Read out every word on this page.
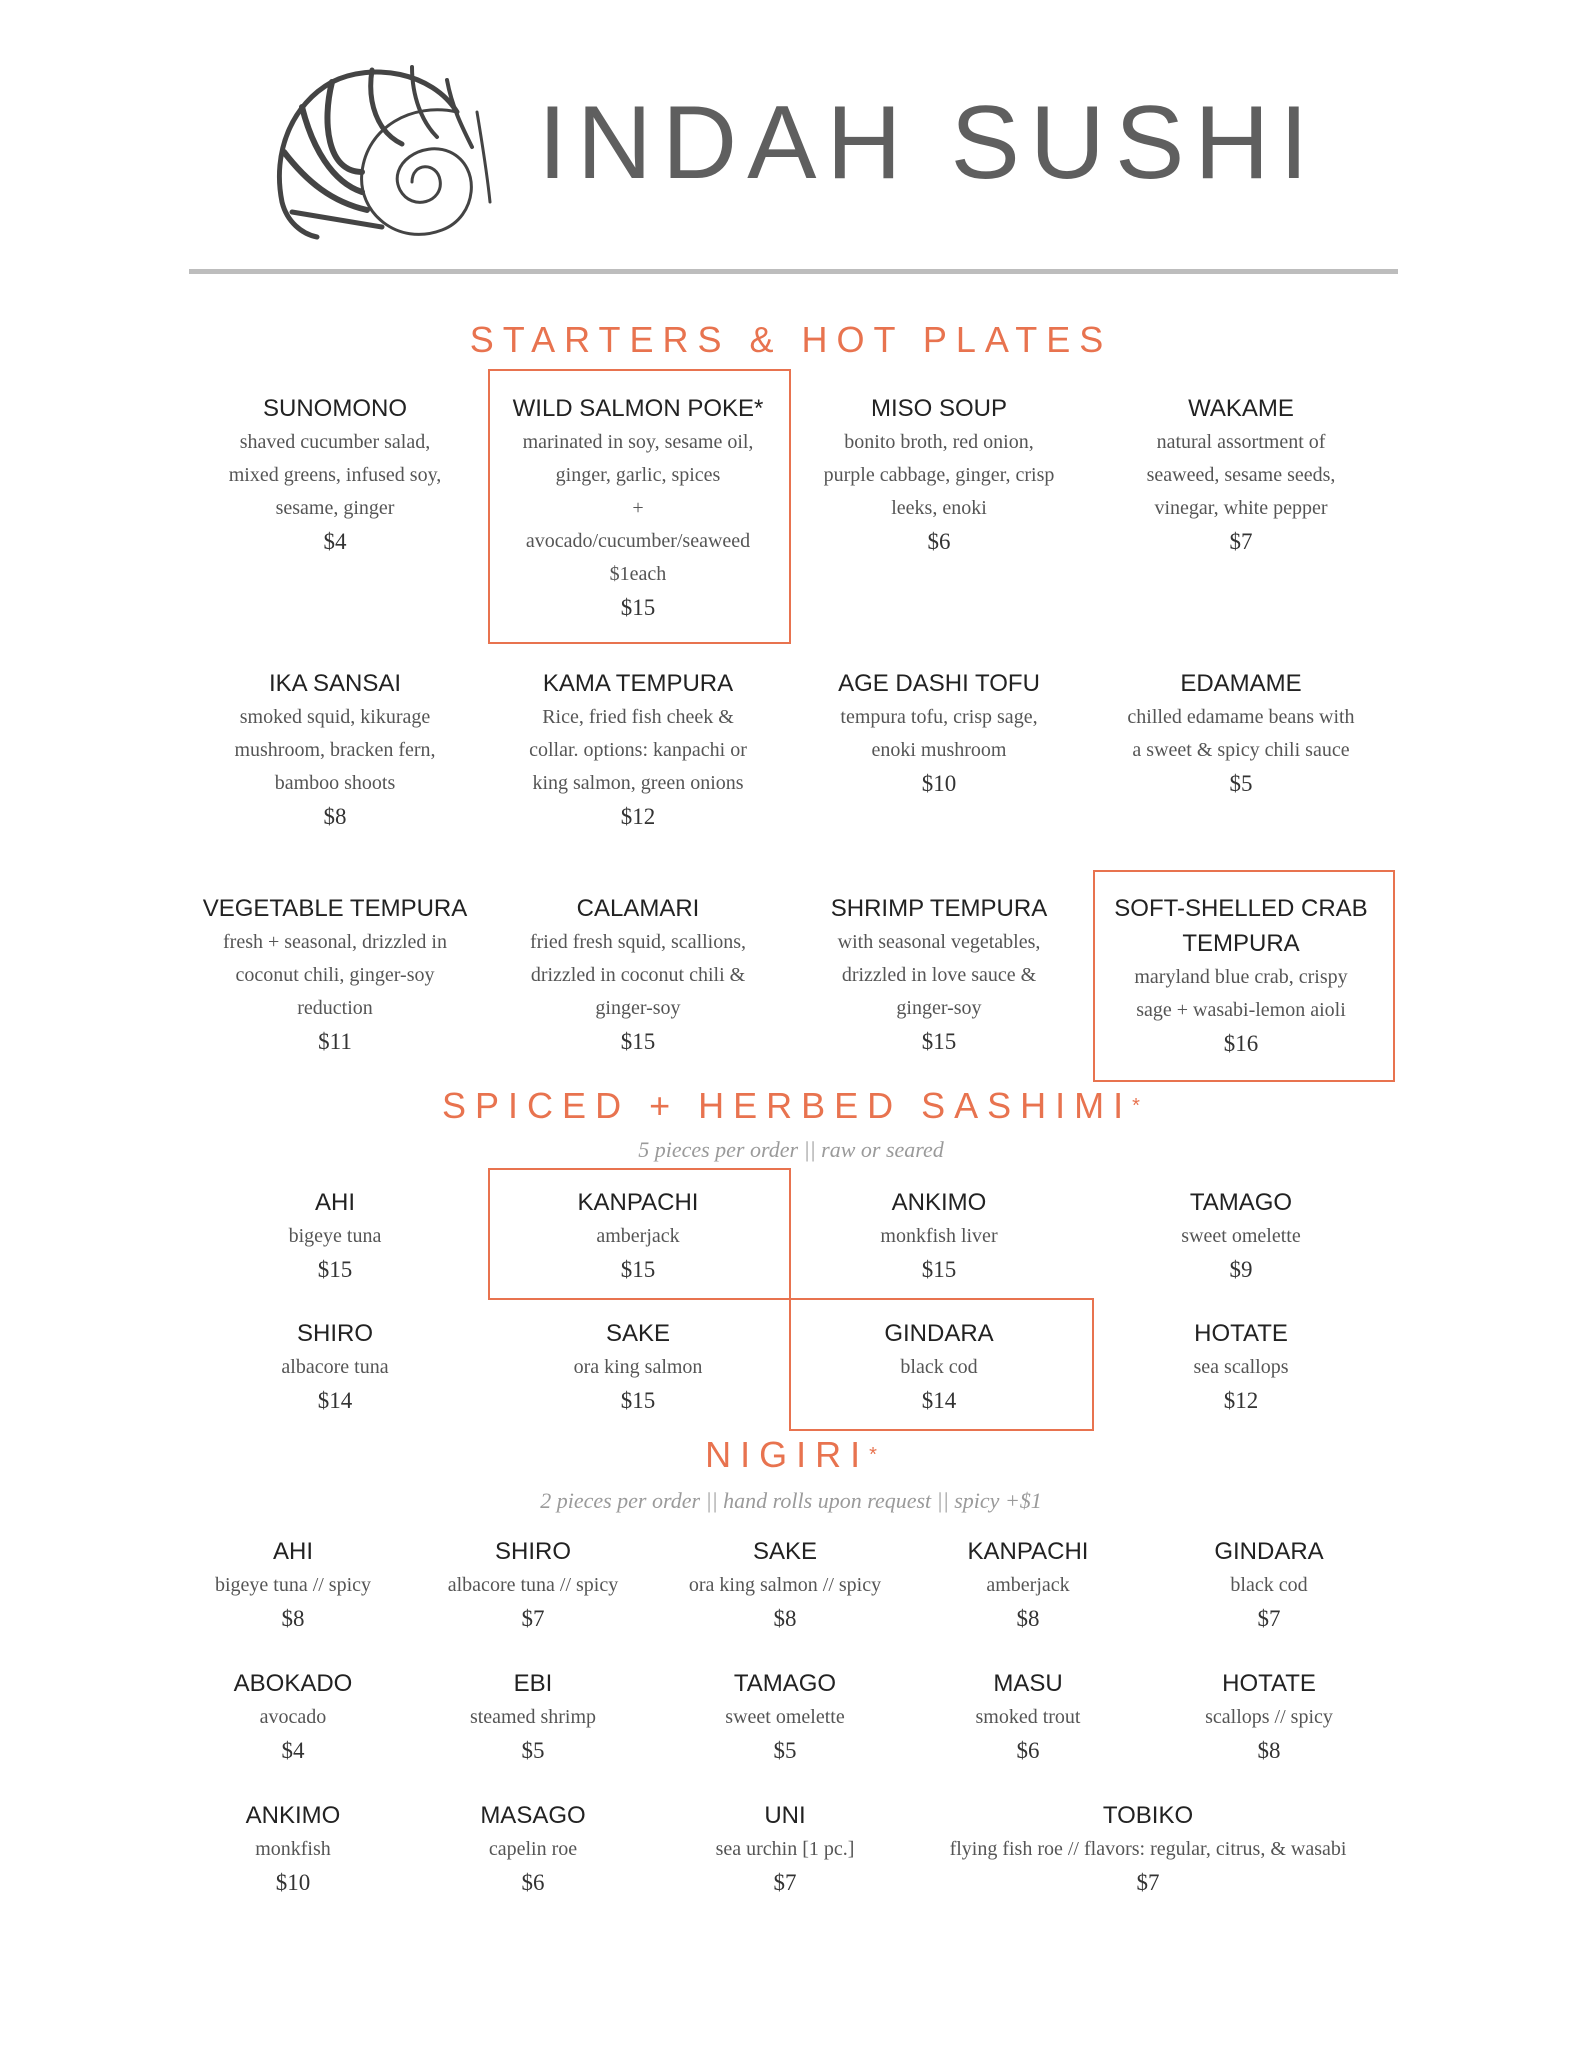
INDAH SUSHI
STARTERS & HOT PLATES
SPICED + HERBED SASHIMI*
5 pieces per order || raw or seared
NIGIRI*
2 pieces per order || hand rolls upon request || spicy +$1
SUNOMONO
shaved cucumber salad,
mixed greens, infused soy,
sesame, ginger
$4
WILD SALMON POKE*
marinated in soy, sesame oil,
ginger, garlic, spices
+
avocado/cucumber/seaweed
$1each
$15
MISO SOUP
bonito broth, red onion,
purple cabbage, ginger, crisp
leeks, enoki
$6
WAKAME
natural assortment of
seaweed, sesame seeds,
vinegar, white pepper
$7
IKA SANSAI
smoked squid, kikurage
mushroom, bracken fern,
bamboo shoots
$8
KAMA TEMPURA
Rice, fried fish cheek &
collar. options: kanpachi or
king salmon, green onions
$12
AGE DASHI TOFU
tempura tofu, crisp sage,
enoki mushroom
$10
EDAMAME
chilled edamame beans with
a sweet & spicy chili sauce
$5
VEGETABLE TEMPURA
fresh + seasonal, drizzled in
coconut chili, ginger-soy
reduction
$11
CALAMARI
fried fresh squid, scallions,
drizzled in coconut chili &
ginger-soy
$15
SHRIMP TEMPURA
with seasonal vegetables,
drizzled in love sauce &
ginger-soy
$15
SOFT-SHELLED CRAB
TEMPURA
maryland blue crab, crispy
sage + wasabi-lemon aioli
$16
AHI
bigeye tuna
$15
KANPACHI
amberjack
$15
ANKIMO
monkfish liver
$15
TAMAGO
sweet omelette
$9
SHIRO
albacore tuna
$14
SAKE
ora king salmon
$15
GINDARA
black cod
$14
HOTATE
sea scallops
$12
AHI
bigeye tuna // spicy
$8
SHIRO
albacore tuna // spicy
$7
SAKE
ora king salmon // spicy
$8
KANPACHI
amberjack
$8
GINDARA
black cod
$7
ABOKADO
avocado
$4
EBI
steamed shrimp
$5
TAMAGO
sweet omelette
$5
MASU
smoked trout
$6
HOTATE
scallops // spicy
$8
ANKIMO
monkfish
$10
MASAGO
capelin roe
$6
UNI
sea urchin [1 pc.]
$7
TOBIKO
flying fish roe // flavors: regular, citrus, & wasabi
$7
